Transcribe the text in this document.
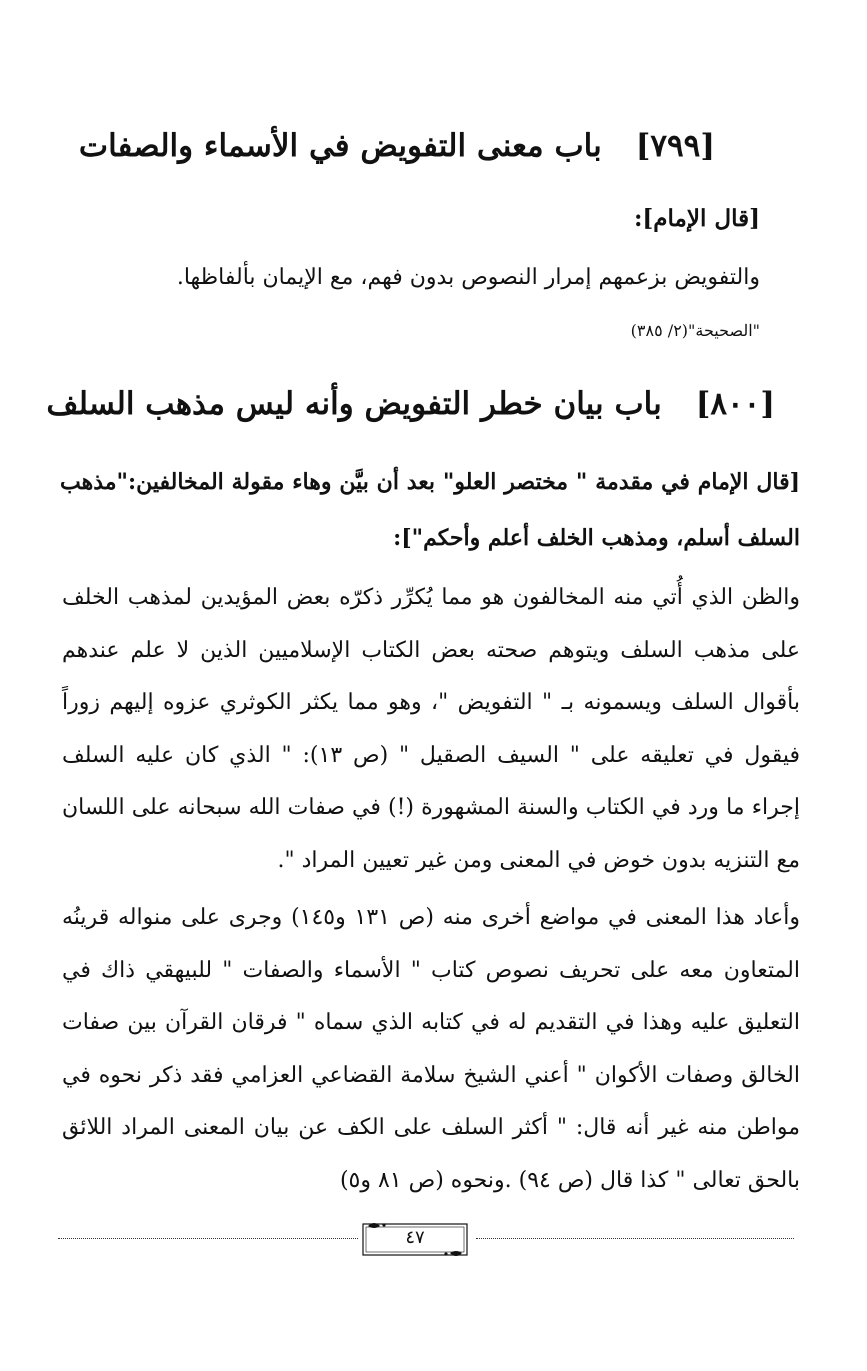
[٧٩٩]باب معنى التفويض في الأسماء والصفات
[قال الإمام]:
والتفويض بزعمهم إمرار النصوص بدون فهم، مع الإيمان بألفاظها.
"الصحيحة"(٢/ ٣٨٥)
[٨٠٠]باب بيان خطر التفويض وأنه ليس مذهب السلف
[قال الإمام في مقدمة " مختصر العلو" بعد أن بيَّن وهاء مقولة المخالفين:"مذهب السلف أسلم، ومذهب الخلف أعلم وأحكم"]:
والظن الذي أُتي منه المخالفون هو مما يُكرِّر ذكرّه بعض المؤيدين لمذهب الخلف على مذهب السلف ويتوهم صحته بعض الكتاب الإسلاميين الذين لا علم عندهم بأقوال السلف ويسمونه بـ " التفويض "، وهو مما يكثر الكوثري عزوه إليهم زوراً فيقول في تعليقه على " السيف الصقيل " (ص ١٣): " الذي كان عليه السلف إجراء ما ورد في الكتاب والسنة المشهورة (!) في صفات الله سبحانه على اللسان مع التنزيه بدون خوض في المعنى ومن غير تعيين المراد ".
وأعاد هذا المعنى في مواضع أخرى منه (ص ١٣١ و١٤٥) وجرى على منواله قرينُه المتعاون معه على تحريف نصوص كتاب " الأسماء والصفات " للبيهقي ذاك في التعليق عليه وهذا في التقديم له في كتابه الذي سماه " فرقان القرآن بين صفات الخالق وصفات الأكوان " أعني الشيخ سلامة القضاعي العزامي فقد ذكر نحوه في مواطن منه غير أنه قال: " أكثر السلف على الكف عن بيان المعنى المراد اللائق بالحق تعالى " كذا قال (ص ٩٤) .ونحوه (ص ٨١ و٥)
٤٧
